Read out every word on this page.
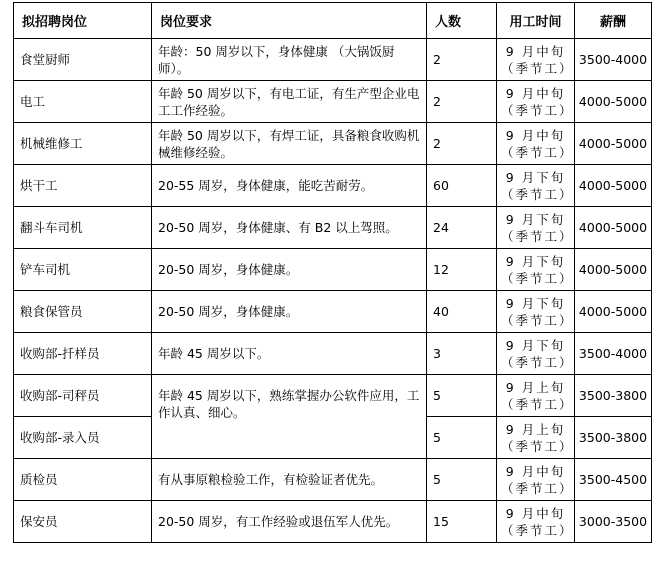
拟招聘岗位	岗位要求	人数	用工时间	薪酬
食堂厨师	年龄：50 周岁以下，身体健康 （大锅饭厨师）。	2	9 月中旬（季节工）	3500-4000
电工	年龄 50 周岁以下，有电工证，有生产型企业电工工作经验。	2	9 月中旬（季节工）	4000-5000
机械维修工	年龄 50 周岁以下，有焊工证，具备粮食收购机械维修经验。	2	9 月中旬（季节工）	4000-5000
烘干工	20-55 周岁，身体健康，能吃苦耐劳。	60	9 月下旬（季节工）	4000-5000
翻斗车司机	20-50 周岁，身体健康、有 B2 以上驾照。	24	9 月下旬（季节工）	4000-5000
铲车司机	20-50 周岁，身体健康。	12	9 月下旬（季节工）	4000-5000
粮食保管员	20-50 周岁，身体健康。	40	9 月下旬（季节工）	4000-5000
收购部-扦样员	年龄 45 周岁以下。	3	9 月下旬（季节工）	3500-4000
收购部-司秤员	年龄 45 周岁以下，熟练掌握办公软件应用，工作认真、细心。	5	9 月上旬（季节工）	3500-3800
收购部-录入员		5	9 月上旬（季节工）	3500-3800
质检员	有从事原粮检验工作，有检验证者优先。	5	9 月中旬（季节工）	3500-4500
保安员	20-50 周岁，有工作经验或退伍军人优先。	15	9 月中旬（季节工）	3000-3500
